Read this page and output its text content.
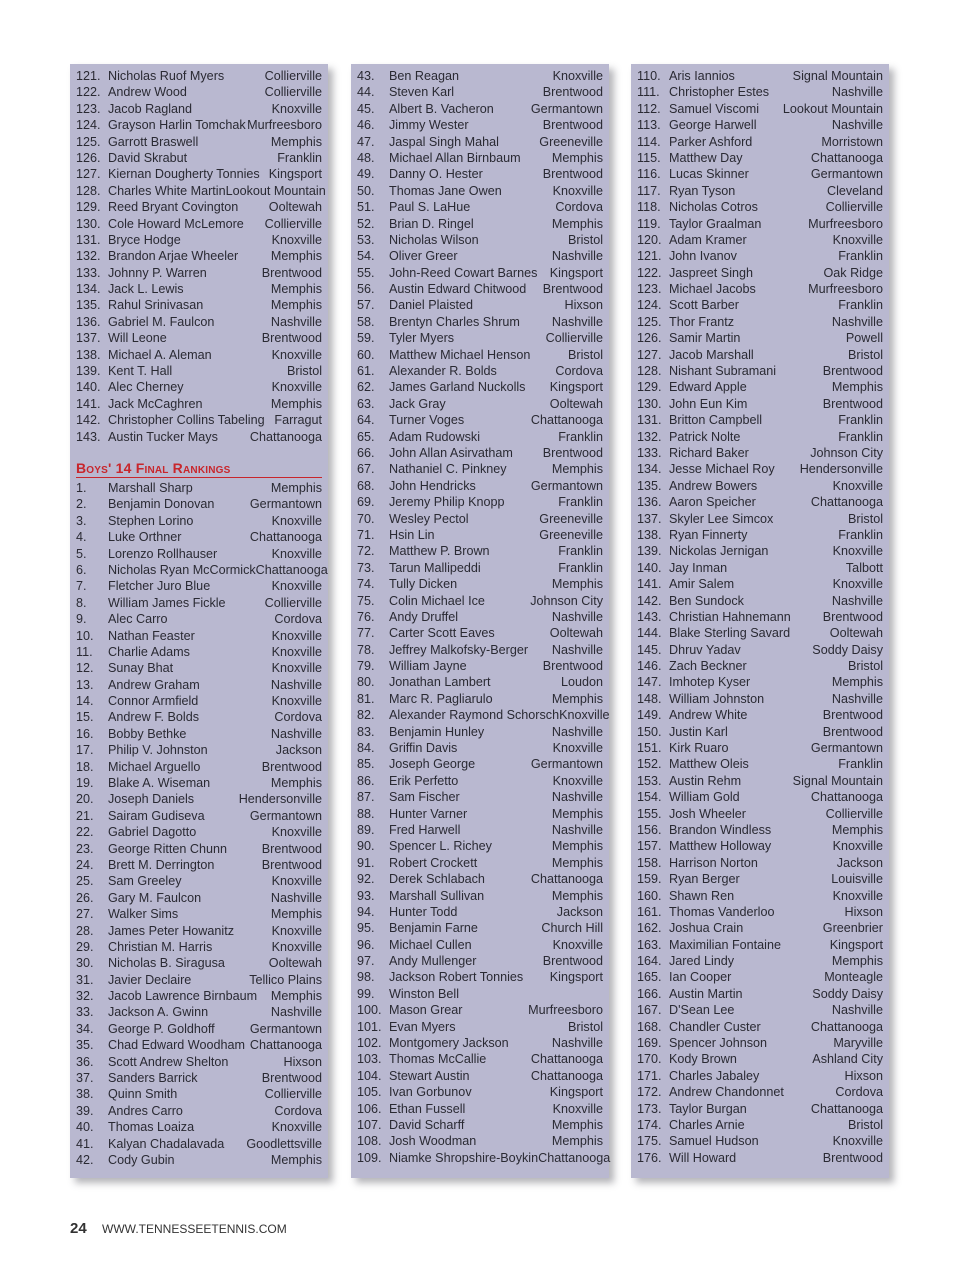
121. Nicholas Ruof Myers	Collierville
122. Andrew Wood	Collierville
123. Jacob Ragland	Knoxville
124. Grayson Harlin Tomchak Murfreesboro
125. Garrott Braswell	Memphis
126. David Skrabut	Franklin
127. Kiernan Dougherty Tonnies Kingsport
128. Charles White Martin Lookout Mountain
129. Reed Bryant Covington	Ooltewah
130. Cole Howard McLemore	Collierville
131. Bryce Hodge	Knoxville
132. Brandon Arjae Wheeler	Memphis
133. Johnny P. Warren	Brentwood
134. Jack L. Lewis	Memphis
135. Rahul Srinivasan	Memphis
136. Gabriel M. Faulcon	Nashville
137. Will Leone	Brentwood
138. Michael A. Aleman	Knoxville
139. Kent T. Hall	Bristol
140. Alec Cherney	Knoxville
141. Jack McCaghren	Memphis
142. Christopher Collins Tabeling Farragut
143. Austin Tucker Mays	Chattanooga
Boys' 14 Final Rankings
1.	Marshall Sharp	Memphis
2.	Benjamin Donovan	Germantown
3.	Stephen Lorino	Knoxville
4.	Luke Orthner	Chattanooga
5.	Lorenzo Rollhauser	Knoxville
6.	Nicholas Ryan McCormick Chattanooga
7.	Fletcher Juro Blue	Knoxville
8.	William James Fickle	Collierville
9.	Alec Carro	Cordova
10.	Nathan Feaster	Knoxville
11.	Charlie Adams	Knoxville
12.	Sunay Bhat	Knoxville
13.	Andrew Graham	Nashville
14.	Connor Armfield	Knoxville
15.	Andrew F. Bolds	Cordova
16.	Bobby Bethke	Nashville
17.	Philip V. Johnston	Jackson
18.	Michael Arguello	Brentwood
19.	Blake A. Wiseman	Memphis
20.	Joseph Daniels	Hendersonville
21.	Sairam Gudiseva	Germantown
22.	Gabriel Dagotto	Knoxville
23.	George Ritten Chunn	Brentwood
24.	Brett M. Derrington	Brentwood
25.	Sam Greeley	Knoxville
26.	Gary M. Faulcon	Nashville
27.	Walker Sims	Memphis
28.	James Peter Howanitz	Knoxville
29.	Christian M. Harris	Knoxville
30.	Nicholas B. Siragusa	Ooltewah
31.	Javier Declaire	Tellico Plains
32.	Jacob Lawrence Birnbaum	Memphis
33.	Jackson A. Gwinn	Nashville
34.	George P. Goldhoff	Germantown
35.	Chad Edward Woodham Chattanooga
36.	Scott Andrew Shelton	Hixson
37.	Sanders Barrick	Brentwood
38.	Quinn Smith	Collierville
39.	Andres Carro	Cordova
40.	Thomas Loaiza	Knoxville
41.	Kalyan Chadalavada	Goodlettsville
42.	Cody Gubin	Memphis
43.	Ben Reagan	Knoxville
44.	Steven Karl	Brentwood
45.	Albert B. Vacheron	Germantown
46.	Jimmy Wester	Brentwood
47.	Jaspal Singh Mahal	Greeneville
48.	Michael Allan Birnbaum	Memphis
49.	Danny O. Hester	Brentwood
50.	Thomas Jane Owen	Knoxville
51.	Paul S. LaHue	Cordova
52.	Brian D. Ringel	Memphis
53.	Nicholas Wilson	Bristol
54.	Oliver Greer	Nashville
55.	John-Reed Cowart Barnes Kingsport
56.	Austin Edward Chitwood	Brentwood
57.	Daniel Plaisted	Hixson
58.	Brentyn Charles Shrum	Nashville
59.	Tyler Myers	Collierville
60.	Matthew Michael Henson	Bristol
61.	Alexander R. Bolds	Cordova
62.	James Garland Nuckolls	Kingsport
63.	Jack Gray	Ooltewah
64.	Turner Voges	Chattanooga
65.	Adam Rudowski	Franklin
66.	John Allan Asirvatham	Brentwood
67.	Nathaniel C. Pinkney	Memphis
68.	John Hendricks	Germantown
69.	Jeremy Philip Knopp	Franklin
70.	Wesley Pectol	Greeneville
71.	Hsin Lin	Greeneville
72.	Matthew P. Brown	Franklin
73.	Tarun Mallipeddi	Franklin
74.	Tully Dicken	Memphis
75.	Colin Michael Ice	Johnson City
76.	Andy Druffel	Nashville
77.	Carter Scott Eaves	Ooltewah
78.	Jeffrey Malkofsky-Berger	Nashville
79.	William Jayne	Brentwood
80.	Jonathan Lambert	Loudon
81.	Marc R. Pagliarulo	Memphis
82.	Alexander Raymond Schorsch Knoxville
83.	Benjamin Hunley	Nashville
84.	Griffin Davis	Knoxville
85.	Joseph George	Germantown
86.	Erik Perfetto	Knoxville
87.	Sam Fischer	Nashville
88.	Hunter Varner	Memphis
89.	Fred Harwell	Nashville
90.	Spencer L. Richey	Memphis
91.	Robert Crockett	Memphis
92.	Derek Schlabach	Chattanooga
93.	Marshall Sullivan	Memphis
94.	Hunter Todd	Jackson
95.	Benjamin Farne	Church Hill
96.	Michael Cullen	Knoxville
97.	Andy Mullenger	Brentwood
98.	Jackson Robert Tonnies	Kingsport
99.	Winston Bell
100. Mason Grear	Murfreesboro
101. Evan Myers	Bristol
102. Montgomery Jackson	Nashville
103. Thomas McCallie	Chattanooga
104. Stewart Austin	Chattanooga
105. Ivan Gorbunov	Kingsport
106. Ethan Fussell	Knoxville
107. David Scharff	Memphis
108. Josh Woodman	Memphis
109. Niamke Shropshire-Boykin Chattanooga
110. Aris Iannios	Signal Mountain
111. Christopher Estes	Nashville
112. Samuel Viscomi	Lookout Mountain
113. George Harwell	Nashville
114. Parker Ashford	Morristown
115. Matthew Day	Chattanooga
116. Lucas Skinner	Germantown
117. Ryan Tyson	Cleveland
118. Nicholas Cotros	Collierville
119. Taylor Graalman	Murfreesboro
120. Adam Kramer	Knoxville
121. John Ivanov	Franklin
122. Jaspreet Singh	Oak Ridge
123. Michael Jacobs	Murfreesboro
124. Scott Barber	Franklin
125. Thor Frantz	Nashville
126. Samir Martin	Powell
127. Jacob Marshall	Bristol
128. Nishant Subramani	Brentwood
129. Edward Apple	Memphis
130. John Eun Kim	Brentwood
131. Britton Campbell	Franklin
132. Patrick Nolte	Franklin
133. Richard Baker	Johnson City
134. Jesse Michael Roy	Hendersonville
135. Andrew Bowers	Knoxville
136. Aaron Speicher	Chattanooga
137. Skyler Lee Simcox	Bristol
138. Ryan Finnerty	Franklin
139. Nickolas Jernigan	Knoxville
140. Jay Inman	Talbott
141. Amir Salem	Knoxville
142. Ben Sundock	Nashville
143. Christian Hahnemann	Brentwood
144. Blake Sterling Savard	Ooltewah
145. Dhruv Yadav	Soddy Daisy
146. Zach Beckner	Bristol
147. Imhotep Kyser	Memphis
148. William Johnston	Nashville
149. Andrew White	Brentwood
150. Justin Karl	Brentwood
151. Kirk Ruaro	Germantown
152. Matthew Oleis	Franklin
153. Austin Rehm	Signal Mountain
154. William Gold	Chattanooga
155. Josh Wheeler	Collierville
156. Brandon Windless	Memphis
157. Matthew Holloway	Knoxville
158. Harrison Norton	Jackson
159. Ryan Berger	Louisville
160. Shawn Ren	Knoxville
161. Thomas Vanderloo	Hixson
162. Joshua Crain	Greenbrier
163. Maximilian Fontaine	Kingsport
164. Jared Lindy	Memphis
165. Ian Cooper	Monteagle
166. Austin Martin	Soddy Daisy
167. D'Sean Lee	Nashville
168. Chandler Custer	Chattanooga
169. Spencer Johnson	Maryville
170. Kody Brown	Ashland City
171. Charles Jabaley	Hixson
172. Andrew Chandonnet	Cordova
173. Taylor Burgan	Chattanooga
174. Charles Arnie	Bristol
175. Samuel Hudson	Knoxville
176. Will Howard	Brentwood
24 WWW.TENNESSEETENNIS.COM
